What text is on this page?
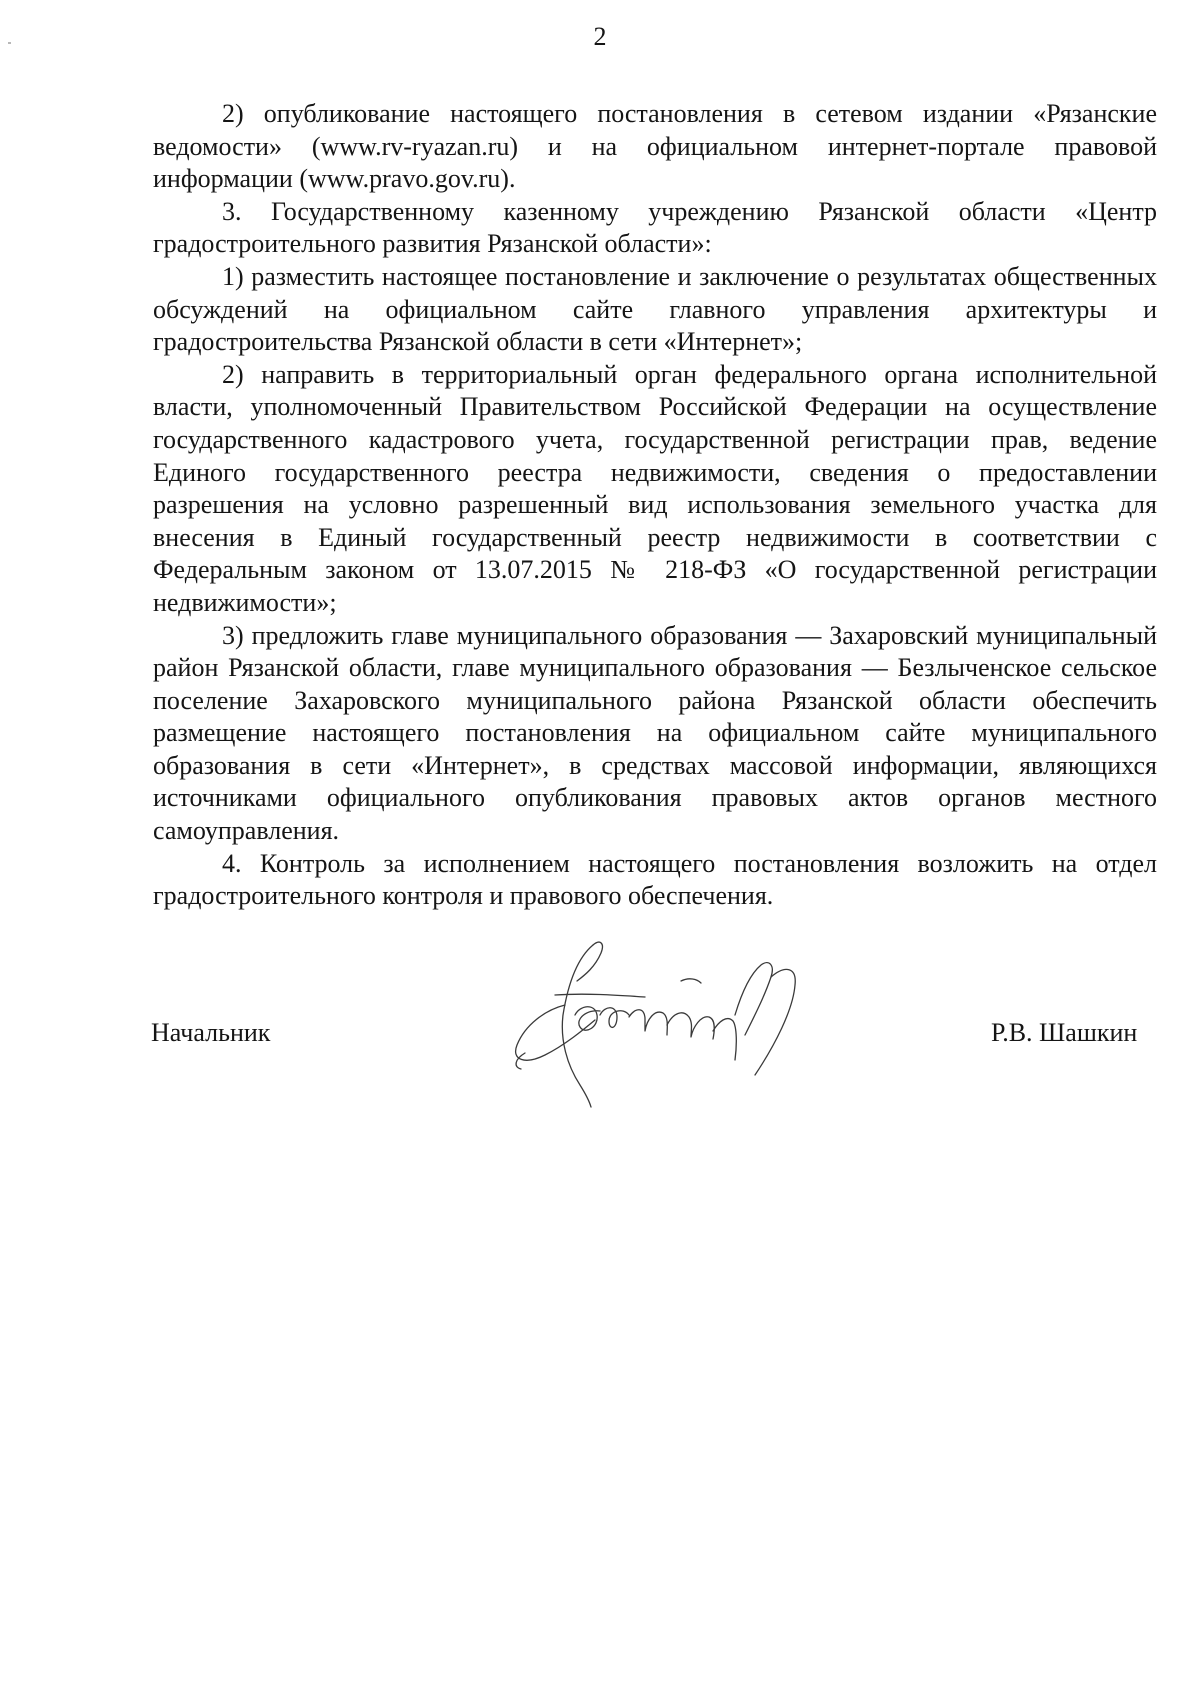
2

2) опубликование настоящего постановления в сетевом издании «Рязанские ведомости» (www.rv-ryazan.ru) и на официальном интернет-портале правовой информации (www.pravo.gov.ru).

3. Государственному казенному учреждению Рязанской области «Центр градостроительного развития Рязанской области»:

1) разместить настоящее постановление и заключение о результатах общественных обсуждений на официальном сайте главного управления архитектуры и градостроительства Рязанской области в сети «Интернет»;

2) направить в территориальный орган федерального органа исполнительной власти, уполномоченный Правительством Российской Федерации на осуществление государственного кадастрового учета, государственной регистрации прав, ведение Единого государственного реестра недвижимости, сведения о предоставлении разрешения на условно разрешенный вид использования земельного участка для внесения в Единый государственный реестр недвижимости в соответствии с Федеральным законом от 13.07.2015 № 218-ФЗ «О государственной регистрации недвижимости»;

3) предложить главе муниципального образования — Захаровский муниципальный район Рязанской области, главе муниципального образования — Безлыченское сельское поселение Захаровского муниципального района Рязанской области обеспечить размещение настоящего постановления на официальном сайте муниципального образования в сети «Интернет», в средствах массовой информации, являющихся источниками официального опубликования правовых актов органов местного самоуправления.

4. Контроль за исполнением настоящего постановления возложить на отдел градостроительного контроля и правового обеспечения.

Начальник	Р.В. Шашкин
